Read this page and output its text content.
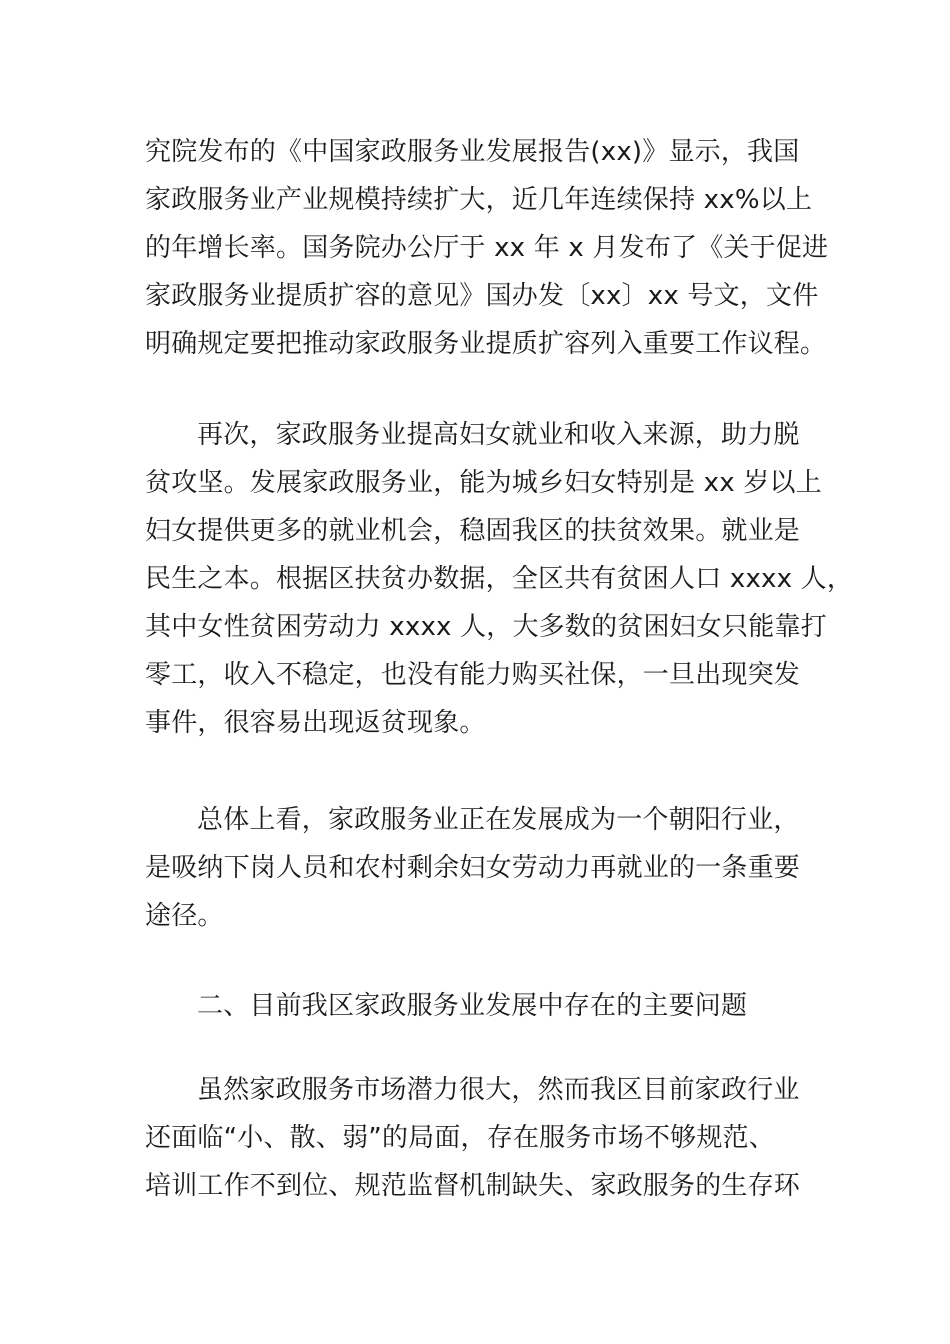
究院发布的《中国家政服务业发展报告(xx)》显示，我国
家政服务业产业规模持续扩大，近几年连续保持 xx%以上
的年增长率。国务院办公厅于 xx 年 x 月发布了《关于促进
家政服务业提质扩容的意见》国办发〔xx〕xx 号文，文件
明确规定要把推动家政服务业提质扩容列入重要工作议程。
再次，家政服务业提高妇女就业和收入来源，助力脱
贫攻坚。发展家政服务业，能为城乡妇女特别是 xx 岁以上
妇女提供更多的就业机会，稳固我区的扶贫效果。就业是
民生之本。根据区扶贫办数据，全区共有贫困人口 xxxx 人，
其中女性贫困劳动力 xxxx 人，大多数的贫困妇女只能靠打
零工，收入不稳定，也没有能力购买社保，一旦出现突发
事件，很容易出现返贫现象。
总体上看，家政服务业正在发展成为一个朝阳行业，
是吸纳下岗人员和农村剩余妇女劳动力再就业的一条重要
途径。
二、目前我区家政服务业发展中存在的主要问题
虽然家政服务市场潜力很大，然而我区目前家政行业
还面临“小、散、弱”的局面，存在服务市场不够规范、
培训工作不到位、规范监督机制缺失、家政服务的生存环
